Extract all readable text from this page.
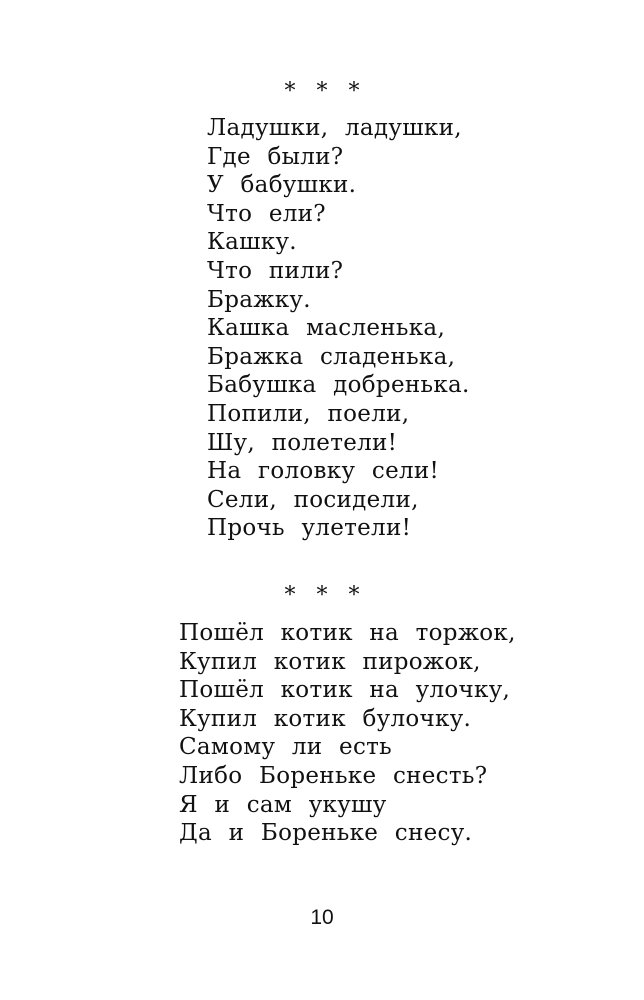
* * *
Ладушки, ладушки,
Где были?
У бабушки.
Что ели?
Кашку.
Что пили?
Бражку.
Кашка масленька,
Бражка сладенька,
Бабушка добренька.
Попили, поели,
Шу, полетели!
На головку сели!
Сели, посидели,
Прочь улетели!
* * *
Пошёл котик на торжок,
Купил котик пирожок,
Пошёл котик на улочку,
Купил котик булочку.
Самому ли есть
Либо Бореньке снесть?
Я и сам укушу
Да и Бореньке снесу.
10
